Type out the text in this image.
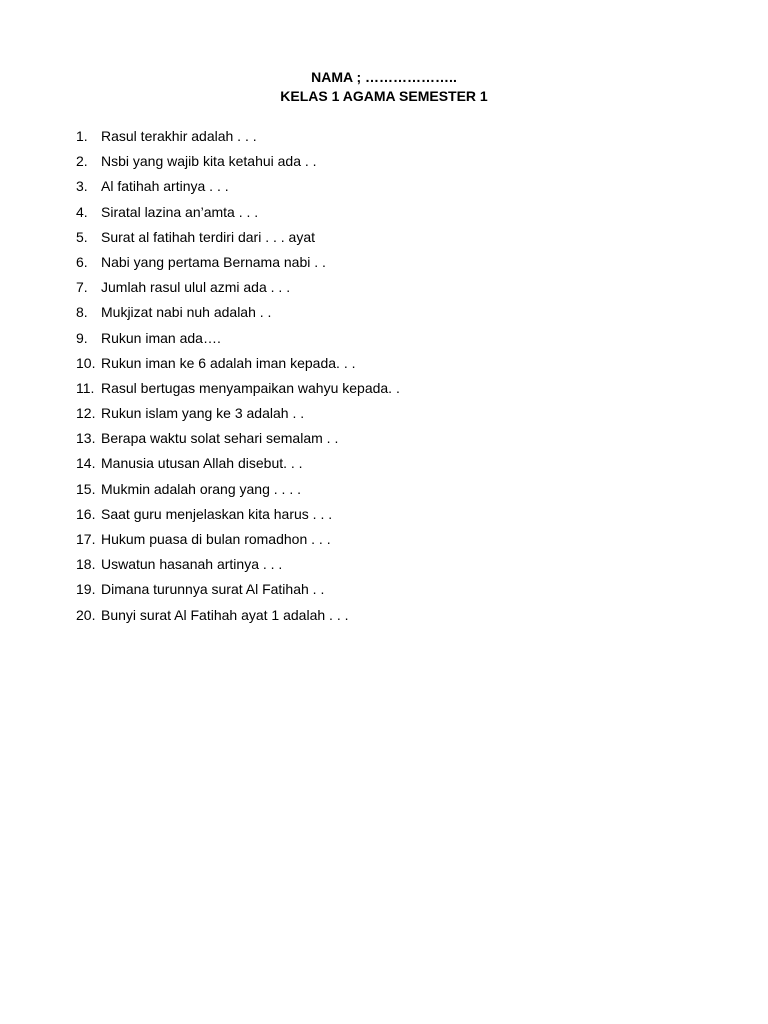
NAMA ; ………………..
KELAS 1 AGAMA SEMESTER 1
1. Rasul terakhir adalah . . .
2. Nsbi yang wajib kita ketahui ada . .
3. Al fatihah artinya . . .
4. Siratal lazina an’amta . . .
5. Surat al fatihah terdiri dari . . . ayat
6. Nabi yang pertama Bernama nabi . .
7. Jumlah rasul ulul azmi ada . . .
8. Mukjizat nabi nuh adalah . .
9. Rukun iman ada….
10. Rukun iman ke 6 adalah iman kepada. . .
11. Rasul bertugas menyampaikan wahyu kepada. .
12. Rukun islam yang ke 3 adalah . .
13. Berapa waktu solat sehari semalam . .
14. Manusia utusan Allah disebut. . .
15. Mukmin adalah orang yang . . . .
16. Saat guru menjelaskan kita harus . . .
17. Hukum puasa di bulan romadhon . . .
18. Uswatun hasanah artinya . . .
19. Dimana turunnya surat Al Fatihah . .
20. Bunyi surat Al Fatihah ayat 1 adalah . . .
